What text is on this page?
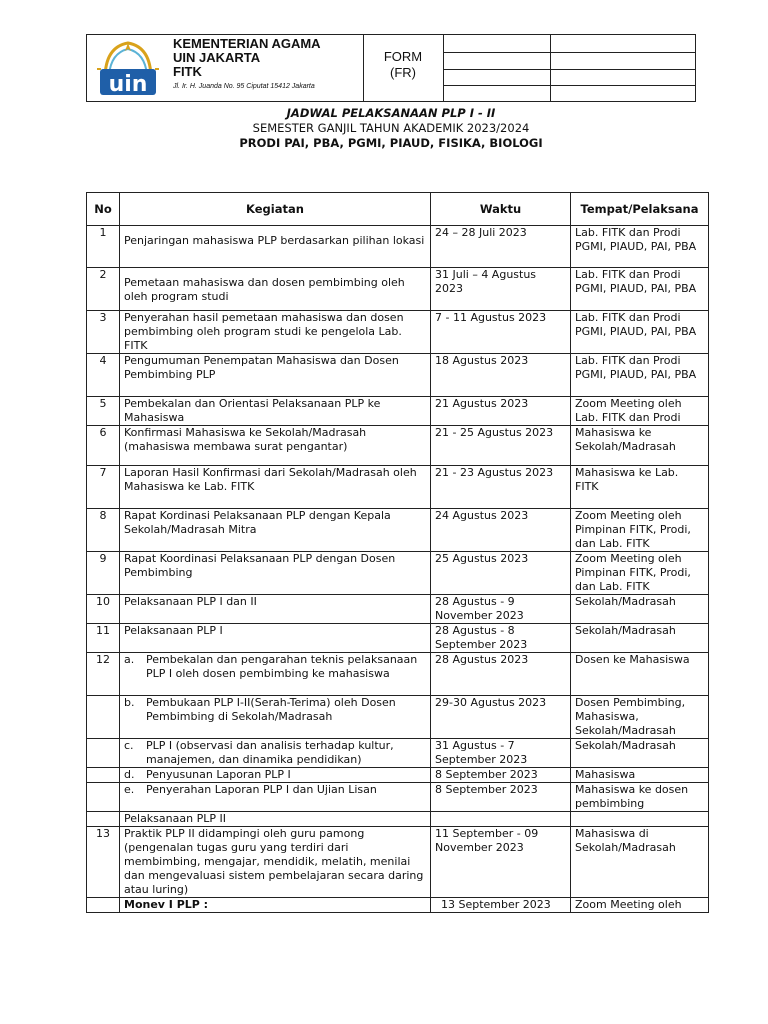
uin
KEMENTERIAN AGAMA
UIN JAKARTA
FITK
Jl. Ir. H. Juanda No. 95 Ciputat 15412 Jakarta
FORM
(FR)
JADWAL PELAKSANAAN PLP I - II
SEMESTER GANJIL TAHUN AKADEMIK 2023/2024
PRODI PAI, PBA, PGMI, PIAUD, FISIKA, BIOLOGI
No	Kegiatan	Waktu	Tempat/Pelaksana
1	Penjaringan mahasiswa PLP berdasarkan pilihan lokasi	24 – 28 Juli 2023	Lab. FITK dan Prodi PGMI, PIAUD, PAI, PBA
2	Pemetaan mahasiswa dan dosen pembimbing oleh oleh program studi	31 Juli – 4 Agustus 2023	Lab. FITK dan Prodi PGMI, PIAUD, PAI, PBA
3	Penyerahan hasil pemetaan mahasiswa dan dosen pembimbing oleh program studi ke pengelola Lab. FITK	7 - 11 Agustus 2023	Lab. FITK dan Prodi PGMI, PIAUD, PAI, PBA
4	Pengumuman Penempatan Mahasiswa dan Dosen Pembimbing PLP	18 Agustus 2023	Lab. FITK dan Prodi PGMI, PIAUD, PAI, PBA
5	Pembekalan dan Orientasi Pelaksanaan PLP ke Mahasiswa	21 Agustus 2023	Zoom Meeting oleh Lab. FITK dan Prodi
6	Konfirmasi Mahasiswa ke Sekolah/Madrasah (mahasiswa membawa surat pengantar)	21 - 25 Agustus 2023	Mahasiswa ke Sekolah/Madrasah
7	Laporan Hasil Konfirmasi dari Sekolah/Madrasah oleh Mahasiswa ke Lab. FITK	21 - 23 Agustus 2023	Mahasiswa ke Lab. FITK
8	Rapat Kordinasi Pelaksanaan PLP dengan Kepala Sekolah/Madrasah Mitra	24 Agustus 2023	Zoom Meeting oleh Pimpinan FITK, Prodi, dan Lab. FITK
9	Rapat Koordinasi Pelaksanaan PLP dengan Dosen Pembimbing	25 Agustus 2023	Zoom Meeting oleh Pimpinan FITK, Prodi, dan Lab. FITK
10	Pelaksanaan PLP I dan II	28 Agustus - 9 November 2023	Sekolah/Madrasah
11	Pelaksanaan PLP I	28 Agustus - 8 September 2023	Sekolah/Madrasah
12	a. Pembekalan dan pengarahan teknis pelaksanaan PLP I oleh dosen pembimbing ke mahasiswa	28 Agustus 2023	Dosen ke Mahasiswa

	b. Pembukaan PLP I-II(Serah-Terima) oleh Dosen Pembimbing di Sekolah/Madrasah	29-30 Agustus 2023	Dosen Pembimbing, Mahasiswa, Sekolah/Madrasah

	c. PLP I (observasi dan analisis terhadap kultur, manajemen, dan dinamika pendidikan)	31 Agustus - 7 September 2023	Sekolah/Madrasah

	d. Penyusunan Laporan PLP I	8 September 2023	Mahasiswa

	e. Penyerahan Laporan PLP I dan Ujian Lisan	8 September 2023	Mahasiswa ke dosen pembimbing
	Pelaksanaan PLP II		
13	Praktik PLP II didampingi oleh guru pamong (pengenalan tugas guru yang terdiri dari membimbing, mengajar, mendidik, melatih, menilai dan mengevaluasi sistem pembelajaran secara daring atau luring)	11 September - 09 November 2023	Mahasiswa di Sekolah/Madrasah
	Monev I PLP :	13 September 2023	Zoom Meeting oleh
